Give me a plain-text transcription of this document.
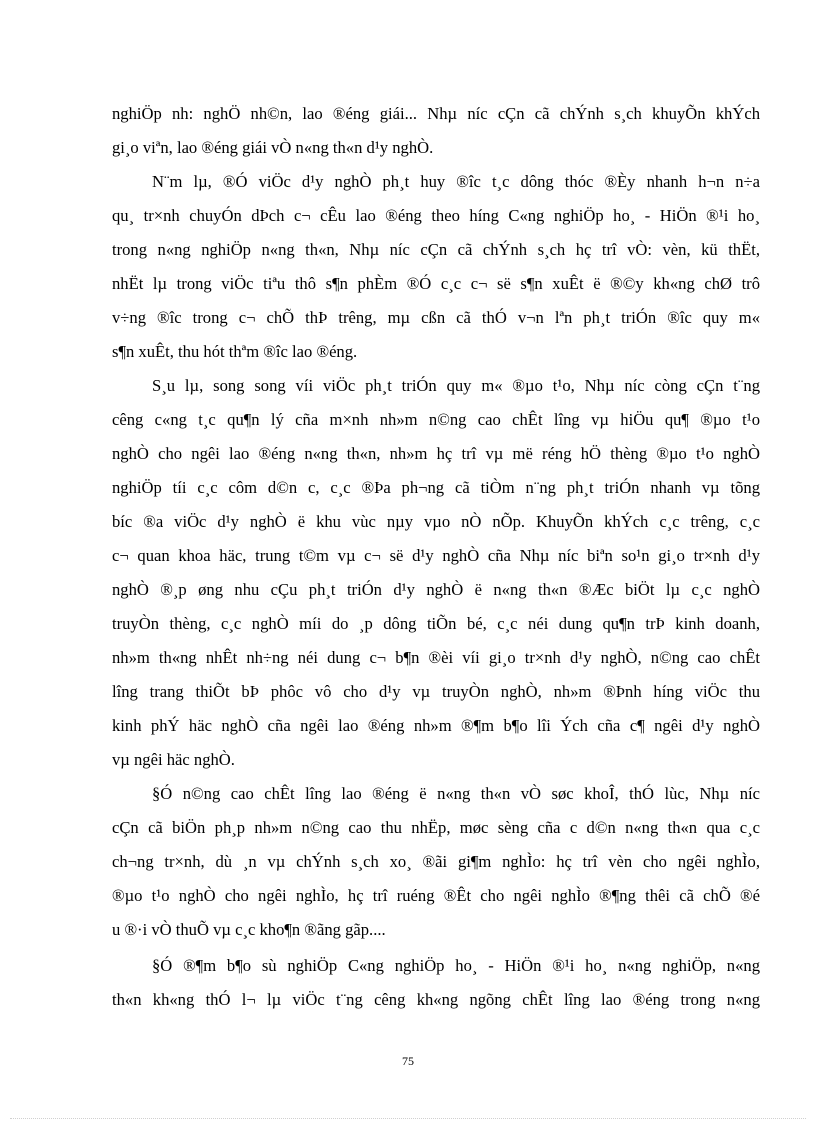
nghiÖp nh: nghÖ nh©n, lao ®éng giái... Nhµ níc cÇn cã chÝnh s¸ch khuyÕn khÝch
gi¸o viªn, lao ®éng giái vÒ n«ng th«n d¹y nghÒ.
N¨m lµ, ®Ó viÖc d¹y nghÒ ph¸t huy ®îc t¸c dông thóc ®Èy nhanh h¬n n÷a
qu¸ tr×nh chuyÓn dÞch c¬ cÊu lao ®éng theo híng C«ng nghiÖp ho¸ - HiÖn ®¹i ho¸
trong n«ng nghiÖp n«ng th«n, Nhµ níc cÇn cã chÝnh s¸ch hç trî vÒ: vèn, kü thËt,
nhËt lµ trong viÖc tiªu thô s¶n phÈm ®Ó c¸c c¬ së s¶n xuÊt ë ®©y kh«ng chØ trô
v÷ng ®îc trong c¬ chÕ thÞ trêng, mµ cßn cã thÓ v¬n lªn ph¸t triÓn ®îc quy m«
s¶n xuÊt, thu hót thªm ®îc lao ®éng.
S¸u lµ, song song víi viÖc ph¸t triÓn quy m« ®µo t¹o, Nhµ níc còng cÇn t¨ng
cêng c«ng t¸c qu¶n lý cña m×nh nh»m n©ng cao chÊt lîng vµ hiÖu qu¶ ®µo t¹o
nghÒ cho ngêi lao ®éng n«ng th«n, nh»m hç trî vµ më réng hÖ thèng ®µo t¹o nghÒ
nghiÖp tíi c¸c côm d©n c, c¸c ®Þa ph¬ng cã tiÒm n¨ng ph¸t triÓn nhanh vµ tõng
bíc ®a viÖc d¹y nghÒ ë khu vùc nµy vµo nÒ nÕp. KhuyÕn khÝch c¸c trêng, c¸c
c¬ quan khoa häc, trung t©m vµ c¬ së d¹y nghÒ cña Nhµ níc biªn so¹n gi¸o tr×nh d¹y
nghÒ ®¸p øng nhu cÇu ph¸t triÓn d¹y nghÒ ë n«ng th«n ®Æc biÖt lµ c¸c nghÒ
truyÒn thèng, c¸c nghÒ míi do ¸p dông tiÕn bé, c¸c néi dung qu¶n trÞ kinh doanh,
nh»m th«ng nhÊt nh÷ng néi dung c¬ b¶n ®èi víi gi¸o tr×nh d¹y nghÒ, n©ng cao chÊt
lîng trang thiÕt bÞ phôc vô cho d¹y vµ truyÒn nghÒ, nh»m ®Þnh híng viÖc thu
kinh phÝ häc nghÒ cña ngêi lao ®éng nh»m ®¶m b¶o lîi Ých cña c¶ ngêi d¹y nghÒ
vµ ngêi häc nghÒ.
§Ó n©ng cao chÊt lîng lao ®éng ë n«ng th«n vÒ søc khoÎ, thÓ lùc, Nhµ níc
cÇn cã biÖn ph¸p nh»m n©ng cao thu nhËp, møc sèng cña c d©n n«ng th«n qua c¸c
ch¬ng tr×nh, dù ¸n vµ chÝnh s¸ch xo¸ ®ãi gi¶m nghÌo: hç trî vèn cho ngêi nghÌo,
®µo t¹o nghÒ cho ngêi nghÌo, hç trî ruéng ®Êt cho ngêi nghÌo ®¶ng thêi cã chÕ ®é
u ®·i vÒ thuÕ vµ c¸c kho¶n ®ãng gãp....
§Ó ®¶m b¶o sù nghiÖp C«ng nghiÖp ho¸ - HiÖn ®¹i ho¸ n«ng nghiÖp, n«ng
th«n kh«ng thÓ l¬ lµ viÖc t¨ng cêng kh«ng ngõng chÊt lîng lao ®éng trong n«ng
75
